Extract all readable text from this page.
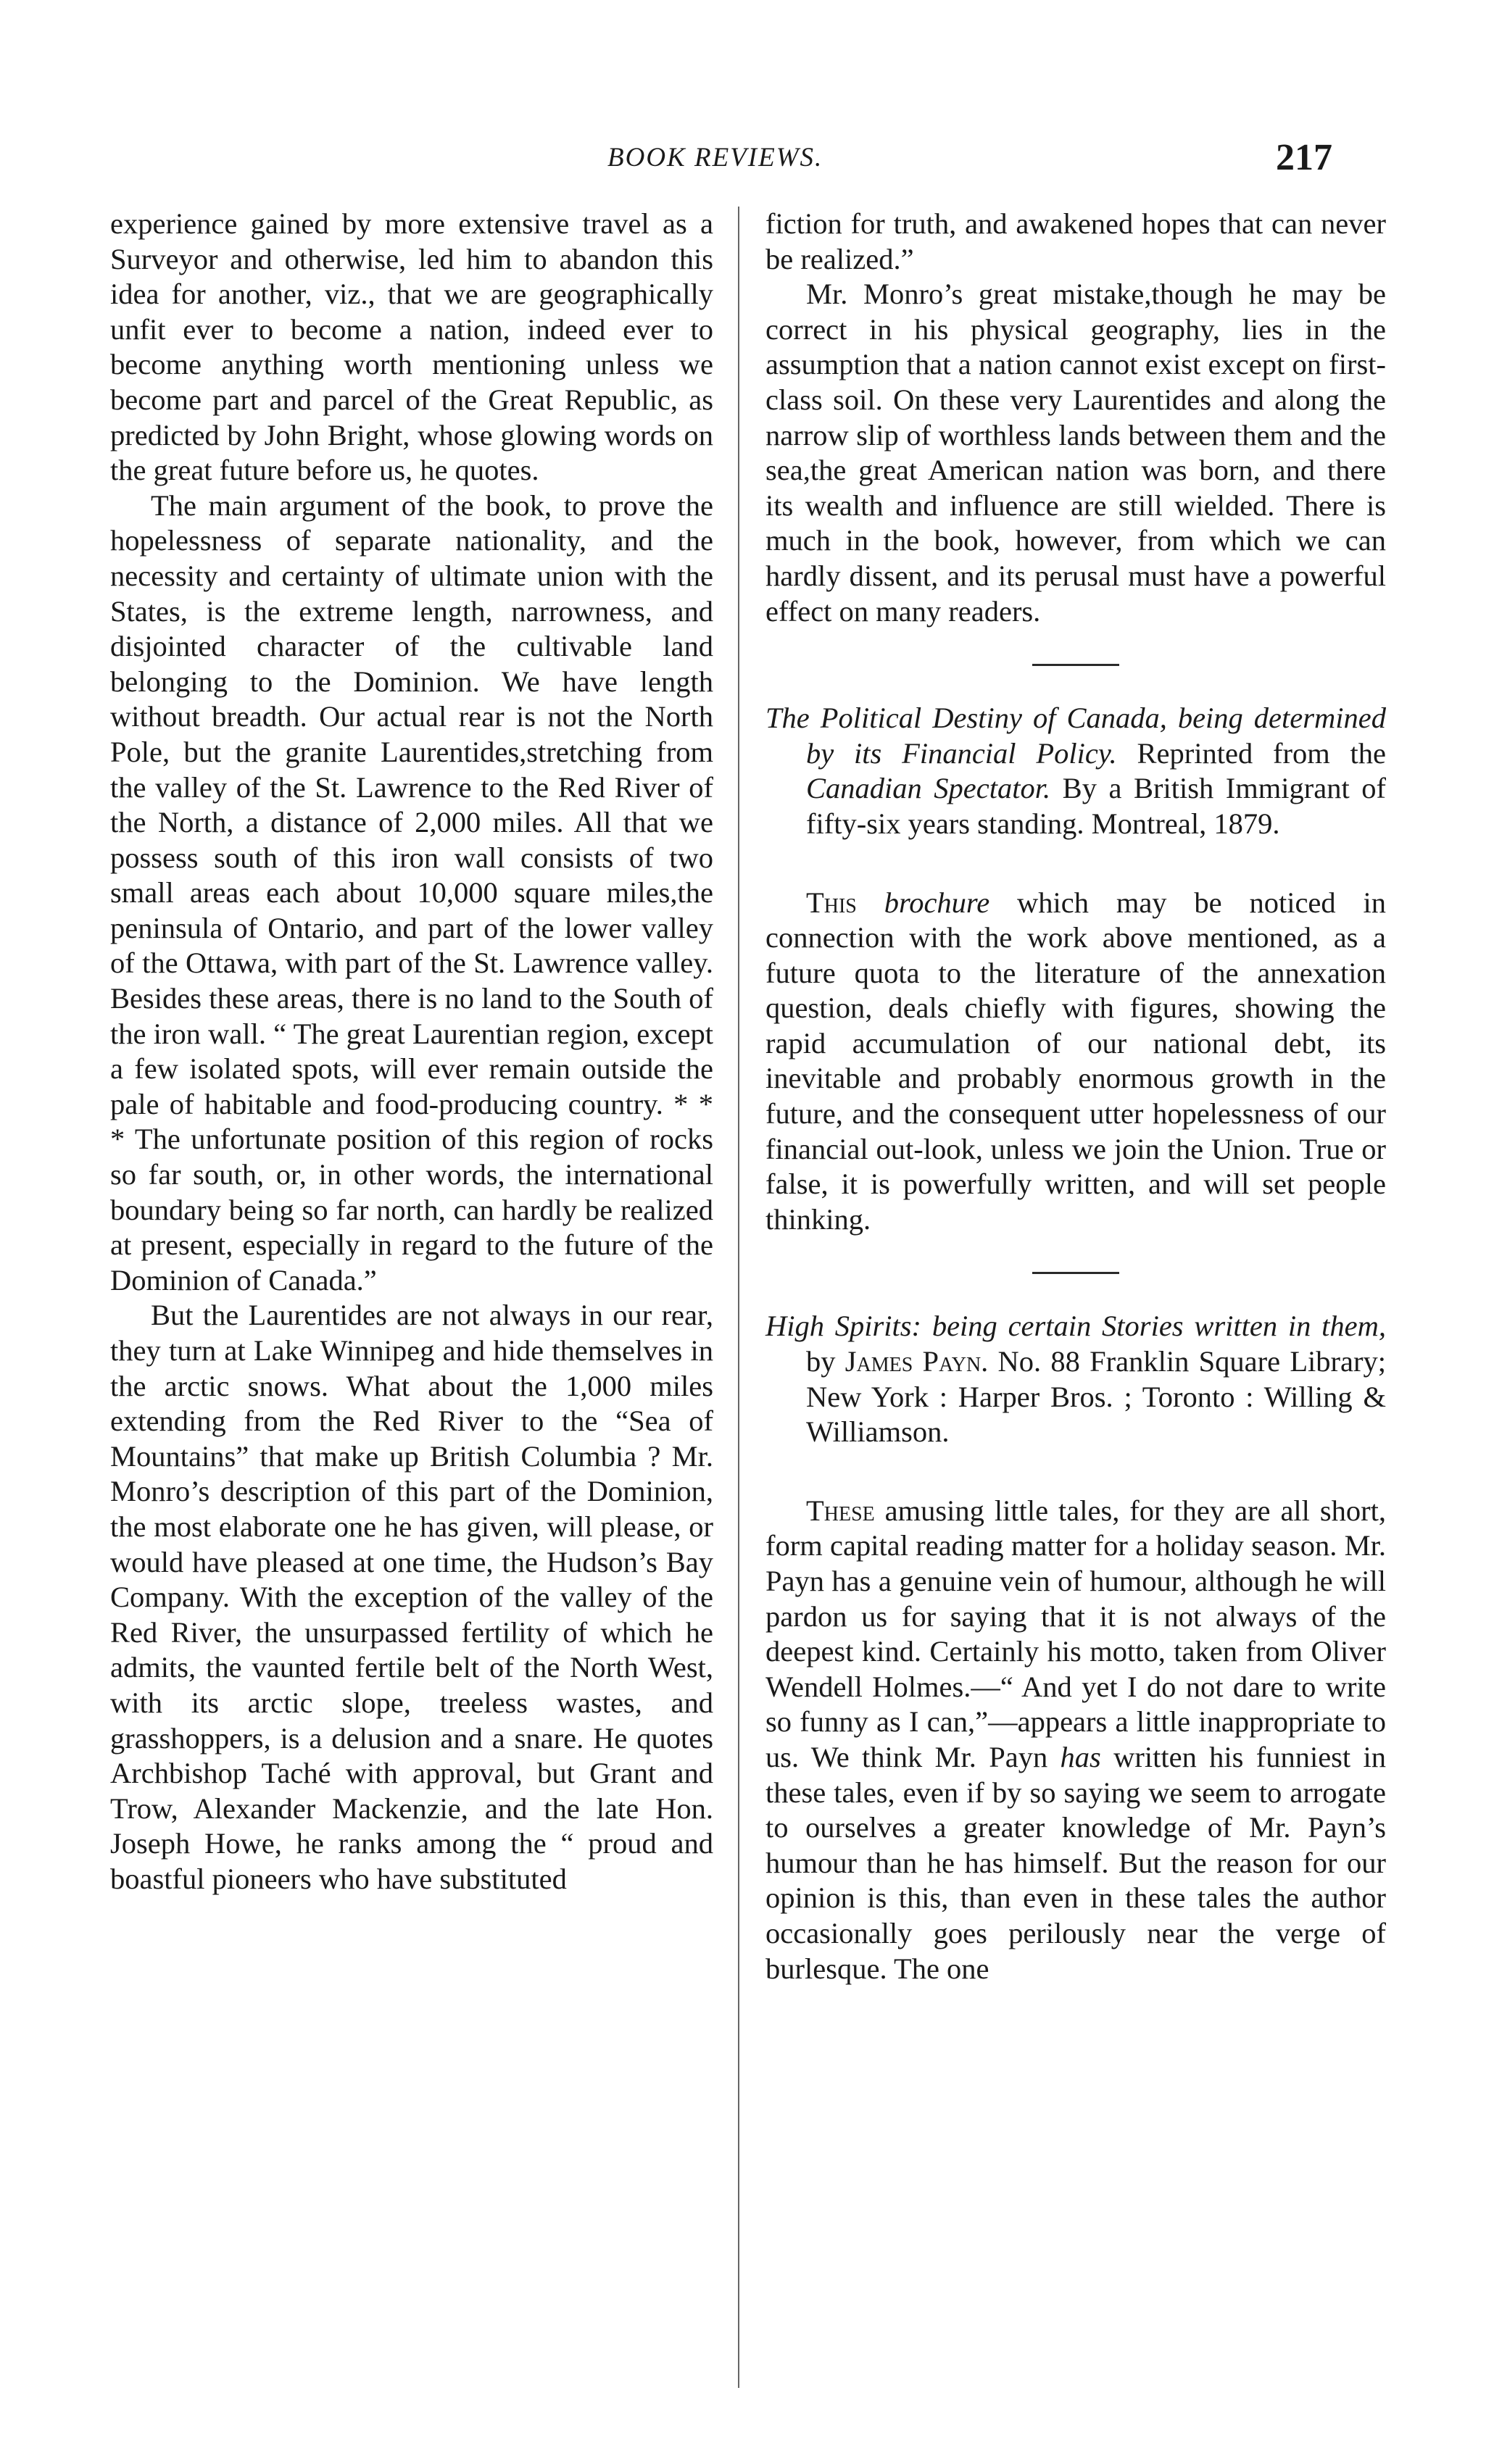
BOOK REVIEWS.	217

experience gained by more extensive travel as a Surveyor and otherwise, led him to abandon this idea for another, viz., that we are geographically unfit ever to become a nation, indeed ever to become anything worth mentioning unless we become part and parcel of the Great Republic, as predicted by John Bright, whose glowing words on the great future before us, he quotes.

The main argument of the book, to prove the hopelessness of separate nationality, and the necessity and certainty of ultimate union with the States, is the extreme length, narrowness, and disjointed character of the cultivable land belonging to the Dominion. We have length without breadth. Our actual rear is not the North Pole, but the granite Laurentides,stretching from the valley of the St. Lawrence to the Red River of the North, a distance of 2,000 miles. All that we possess south of this iron wall consists of two small areas each about 10,000 square miles,the peninsula of Ontario, and part of the lower valley of the Ottawa, with part of the St. Lawrence valley. Besides these areas, there is no land to the South of the iron wall. “ The great Laurentian region, except a few isolated spots, will ever remain outside the pale of habitable and food-producing country. * * * The unfortunate position of this region of rocks so far south, or, in other words, the international boundary being so far north, can hardly be realized at present, especially in regard to the future of the Dominion of Canada.”

But the Laurentides are not always in our rear, they turn at Lake Winnipeg and hide themselves in the arctic snows. What about the 1,000 miles extending from the Red River to the “Sea of Mountains” that make up British Columbia ? Mr. Monro’s description of this part of the Dominion, the most elaborate one he has given, will please, or would have pleased at one time, the Hudson’s Bay Company. With the exception of the valley of the Red River, the unsurpassed fertility of which he admits, the vaunted fertile belt of the North West, with its arctic slope, treeless wastes, and grasshoppers, is a delusion and a snare. He quotes Archbishop Taché with approval, but Grant and Trow, Alexander Mackenzie, and the late Hon. Joseph Howe, he ranks among the “ proud and boastful pioneers who have substituted

fiction for truth, and awakened hopes that can never be realized.”

Mr. Monro’s great mistake,though he may be correct in his physical geography, lies in the assumption that a nation cannot exist except on first-class soil. On these very Laurentides and along the narrow slip of worthless lands between them and the sea,the great American nation was born, and there its wealth and influence are still wielded. There is much in the book, however, from which we can hardly dissent, and its perusal must have a powerful effect on many readers.

The Political Destiny of Canada, being determined by its Financial Policy. Reprinted from the Canadian Spectator. By a British Immigrant of fifty-six years standing. Montreal, 1879.

This brochure which may be noticed in connection with the work above mentioned, as a future quota to the literature of the annexation question, deals chiefly with figures, showing the rapid accumulation of our national debt, its inevitable and probably enormous growth in the future, and the consequent utter hopelessness of our financial out-look, unless we join the Union. True or false, it is powerfully written, and will set people thinking.

High Spirits: being certain Stories written in them, by James Payn. No. 88 Franklin Square Library; New York : Harper Bros. ; Toronto : Willing & Williamson.

These amusing little tales, for they are all short, form capital reading matter for a holiday season. Mr. Payn has a genuine vein of humour, although he will pardon us for saying that it is not always of the deepest kind. Certainly his motto, taken from Oliver Wendell Holmes.—“ And yet I do not dare to write so funny as I can,”—appears a little inappropriate to us. We think Mr. Payn has written his funniest in these tales, even if by so saying we seem to arrogate to ourselves a greater knowledge of Mr. Payn’s humour than he has himself. But the reason for our opinion is this, than even in these tales the author occasionally goes perilously near the verge of burlesque. The one
